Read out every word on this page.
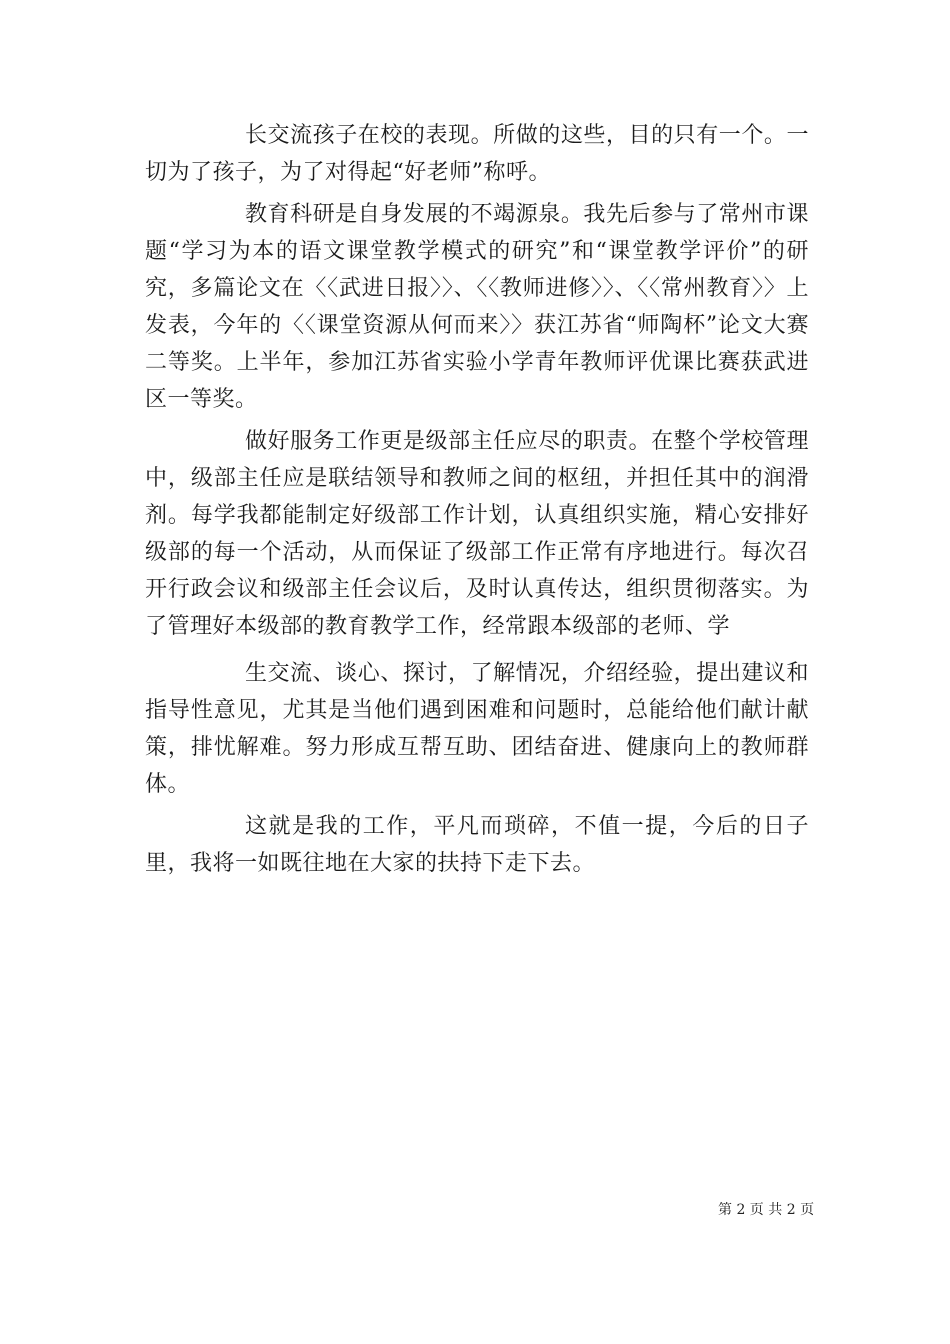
长交流孩子在校的表现。所做的这些，目的只有一个。一切为了孩子，为了对得起“好老师”称呼。

教育科研是自身发展的不竭源泉。我先后参与了常州市课题“学习为本的语文课堂教学模式的研究”和“课堂教学评价”的研究，多篇论文在〈〈武进日报〉〉、〈〈教师进修〉〉、〈〈常州教育〉〉上发表，今年的〈〈课堂资源从何而来〉〉获江苏省“师陶杯”论文大赛二等奖。上半年，参加江苏省实验小学青年教师评优课比赛获武进区一等奖。

做好服务工作更是级部主任应尽的职责。在整个学校管理中，级部主任应是联结领导和教师之间的枢纽，并担任其中的润滑剂。每学我都能制定好级部工作计划，认真组织实施，精心安排好级部的每一个活动，从而保证了级部工作正常有序地进行。每次召开行政会议和级部主任会议后，及时认真传达，组织贯彻落实。为了管理好本级部的教育教学工作，经常跟本级部的老师、学

生交流、谈心、探讨，了解情况，介绍经验，提出建议和指导性意见，尤其是当他们遇到困难和问题时，总能给他们献计献策，排忧解难。努力形成互帮互助、团结奋进、健康向上的教师群体。

这就是我的工作，平凡而琐碎，不值一提，今后的日子里，我将一如既往地在大家的扶持下走下去。

第 2 页 共 2 页
